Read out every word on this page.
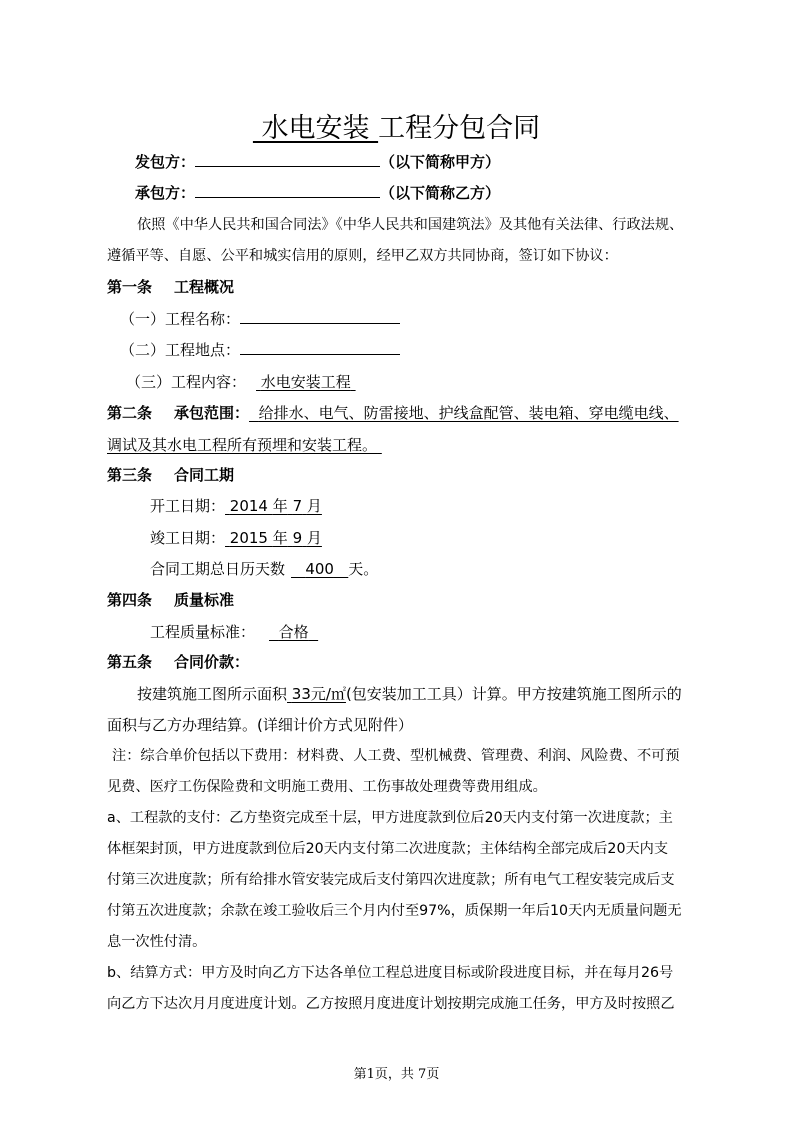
水电安装 工程分包合同
发包方：	（以下简称甲方）
承包方：	（以下简称乙方）
依照《中华人民共和国合同法》《中华人民共和国建筑法》及其他有关法律、行政法规、
遵循平等、自愿、公平和城实信用的原则，经甲乙双方共同协商，签订如下协议：
第一条 工程概况
（一）工程名称：
（二）工程地点：
（三）工程内容： 水电安装工程
第二条 承包范围： 给排水、电气、防雷接地、护线盒配管、装电箱、穿电缆电线、
调试及其水电工程所有预埋和安装工程。
第三条 合同工期
开工日期： 2014 年 7 月
竣工日期： 2015 年 9 月
合同工期总日历天数 400 天。
第四条 质量标准
工程质量标准： 合格
第五条 合同价款：
按建筑施工图所示面积 33元/㎡(包安装加工工具）计算。甲方按建筑施工图所示的
面积与乙方办理结算。(详细计价方式见附件）
注：综合单价包括以下费用：材料费、人工费、型机械费、管理费、利润、风险费、不可预
见费、医疗工伤保险费和文明施工费用、工伤事故处理费等费用组成。
a、工程款的支付：乙方垫资完成至十层，甲方进度款到位后20天内支付第一次进度款；主
体框架封顶，甲方进度款到位后20天内支付第二次进度款；主体结构全部完成后20天内支
付第三次进度款；所有给排水管安装完成后支付第四次进度款；所有电气工程安装完成后支
付第五次进度款；余款在竣工验收后三个月内付至97%，质保期一年后10天内无质量问题无
息一次性付清。
b、结算方式：甲方及时向乙方下达各单位工程总进度目标或阶段进度目标，并在每月26号
向乙方下达次月月度进度计划。乙方按照月度进度计划按期完成施工任务，甲方及时按照乙
第1页，共 7页
